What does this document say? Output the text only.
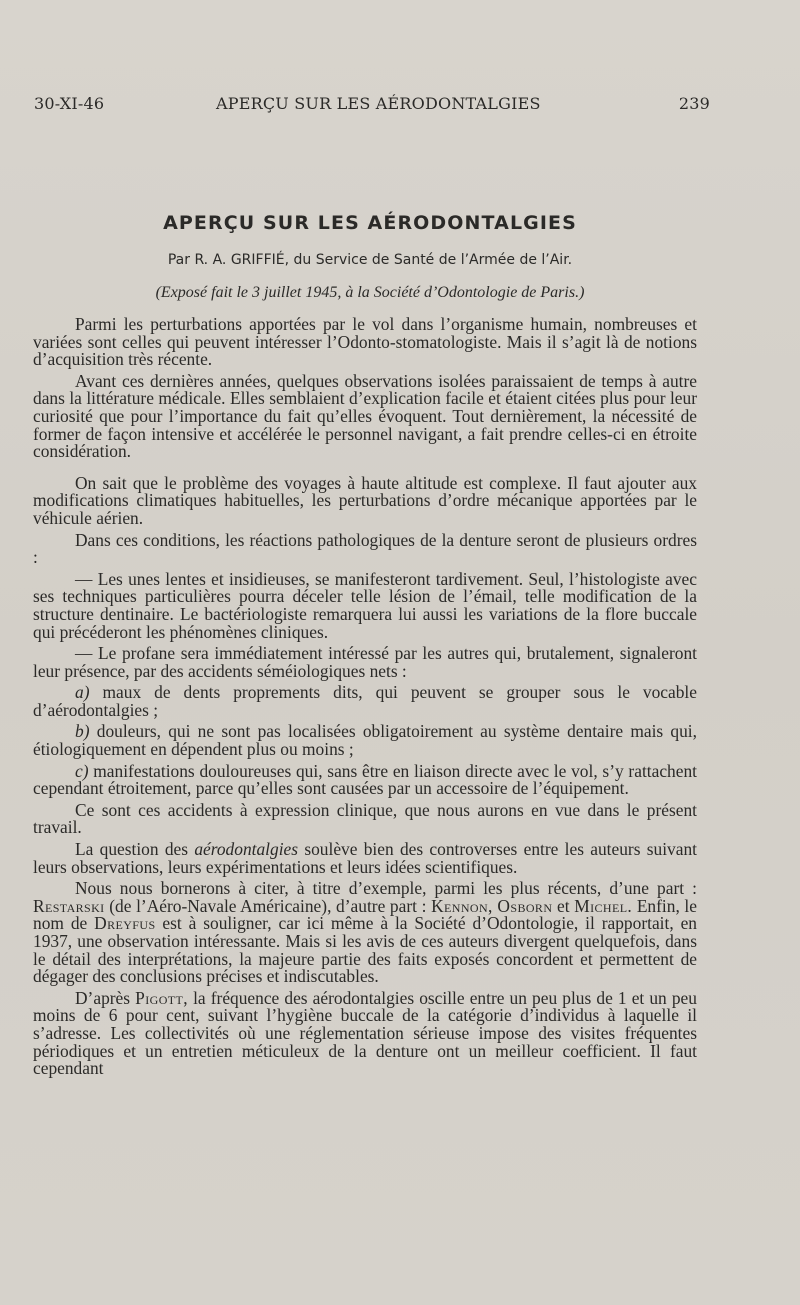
30-XI-46	APERÇU SUR LES AÉRODONTALGIES	239
APERÇU SUR LES AÉRODONTALGIES
Par R. A. GRIFFIÉ, du Service de Santé de l’Armée de l’Air.
(Exposé fait le 3 juillet 1945, à la Société d’Odontologie de Paris.)

Parmi les perturbations apportées par le vol dans l’organisme humain, nombreuses et variées sont celles qui peuvent intéresser l’Odonto-stomatologiste. Mais il s’agit là de notions d’acquisition très récente.

Avant ces dernières années, quelques observations isolées paraissaient de temps à autre dans la littérature médicale. Elles semblaient d’explication facile et étaient citées plus pour leur curiosité que pour l’importance du fait qu’elles évoquent. Tout dernièrement, la nécessité de former de façon intensive et accélérée le personnel navigant, a fait prendre celles-ci en étroite considération.

On sait que le problème des voyages à haute altitude est complexe. Il faut ajouter aux modifications climatiques habituelles, les perturbations d’ordre mécanique apportées par le véhicule aérien.

Dans ces conditions, les réactions pathologiques de la denture seront de plusieurs ordres :

— Les unes lentes et insidieuses, se manifesteront tardivement. Seul, l’histologiste avec ses techniques particulières pourra déceler telle lésion de l’émail, telle modification de la structure dentinaire. Le bactériologiste remarquera lui aussi les variations de la flore buccale qui précéderont les phénomènes cliniques.

— Le profane sera immédiatement intéressé par les autres qui, brutalement, signaleront leur présence, par des accidents séméiologiques nets :

a) maux de dents proprements dits, qui peuvent se grouper sous le vocable d’aérodontalgies ;

b) douleurs, qui ne sont pas localisées obligatoirement au système dentaire mais qui, étiologiquement en dépendent plus ou moins ;

c) manifestations douloureuses qui, sans être en liaison directe avec le vol, s’y rattachent cependant étroitement, parce qu’elles sont causées par un accessoire de l’équipement.

Ce sont ces accidents à expression clinique, que nous aurons en vue dans le présent travail.

La question des aérodontalgies soulève bien des controverses entre les auteurs suivant leurs observations, leurs expérimentations et leurs idées scientifiques.

Nous nous bornerons à citer, à titre d’exemple, parmi les plus récents, d’une part : Restarski (de l’Aéro-Navale Américaine), d’autre part : Kennon, Osborn et Michel. Enfin, le nom de Dreyfus est à souligner, car ici même à la Société d’Odontologie, il rapportait, en 1937, une observation intéressante. Mais si les avis de ces auteurs divergent quelquefois, dans le détail des interprétations, la majeure partie des faits exposés concordent et permettent de dégager des conclusions précises et indiscutables.

D’après Pigott, la fréquence des aérodontalgies oscille entre un peu plus de 1 et un peu moins de 6 pour cent, suivant l’hygiène buccale de la catégorie d’individus à laquelle il s’adresse. Les collectivités où une réglementation sérieuse impose des visites fréquentes périodiques et un entretien méticuleux de la denture ont un meilleur coefficient. Il faut cependant
